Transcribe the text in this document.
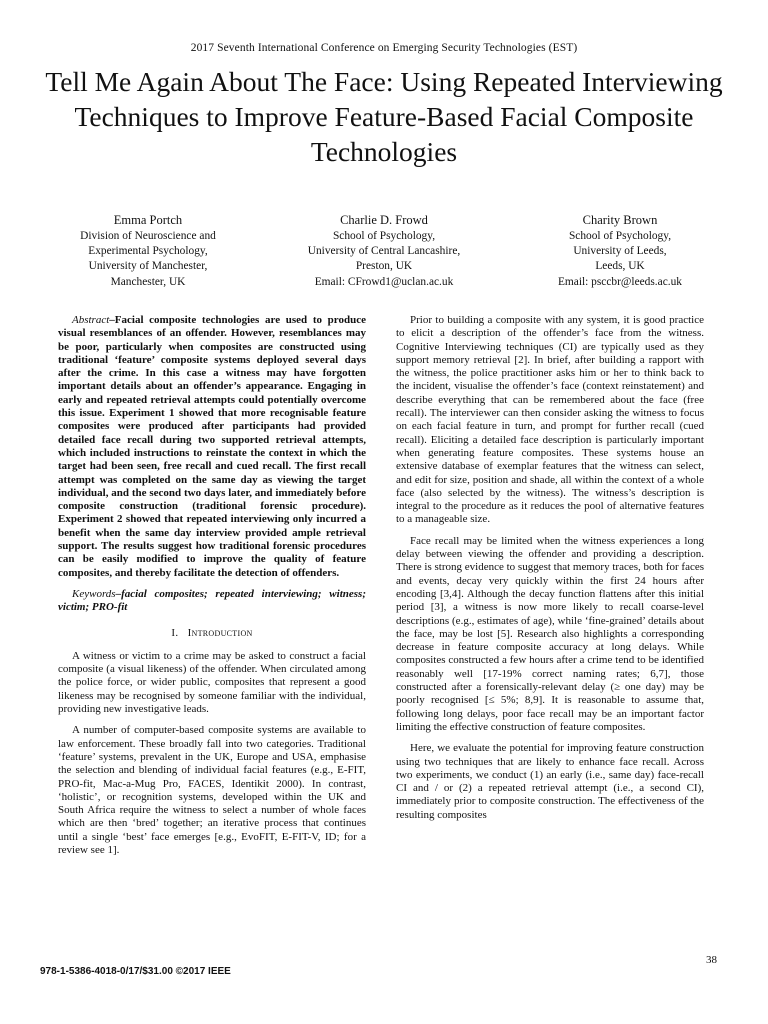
2017 Seventh International Conference on Emerging Security Technologies (EST)
Tell Me Again About The Face: Using Repeated Interviewing Techniques to Improve Feature-Based Facial Composite Technologies
Emma Portch
Division of Neuroscience and
Experimental Psychology,
University of Manchester,
Manchester, UK
Charlie D. Frowd
School of Psychology,
University of Central Lancashire,
Preston, UK
Email: CFrowd1@uclan.ac.uk
Charity Brown
School of Psychology,
University of Leeds,
Leeds, UK
Email: psccbr@leeds.ac.uk

Abstract–Facial composite technologies are used to produce visual resemblances of an offender. However, resemblances may be poor, particularly when composites are constructed using traditional ‘feature’ composite systems deployed several days after the crime. In this case a witness may have forgotten important details about an offender’s appearance. Engaging in early and repeated retrieval attempts could potentially overcome this issue. Experiment 1 showed that more recognisable feature composites were produced after participants had provided detailed face recall during two supported retrieval attempts, which included instructions to reinstate the context in which the target had been seen, free recall and cued recall. The first recall attempt was completed on the same day as viewing the target individual, and the second two days later, and immediately before composite construction (traditional forensic procedure). Experiment 2 showed that repeated interviewing only incurred a benefit when the same day interview provided ample retrieval support. The results suggest how traditional forensic procedures can be easily modified to improve the quality of feature composites, and thereby facilitate the detection of offenders.

Keywords–facial composites; repeated interviewing; witness; victim; PRO-fit

I. Introduction

A witness or victim to a crime may be asked to construct a facial composite (a visual likeness) of the offender. When circulated among the police force, or wider public, composites that represent a good likeness may be recognised by someone familiar with the individual, providing new investigative leads.

A number of computer-based composite systems are available to law enforcement. These broadly fall into two categories. Traditional ‘feature’ systems, prevalent in the UK, Europe and USA, emphasise the selection and blending of individual facial features (e.g., E-FIT, PRO-fit, Mac-a-Mug Pro, FACES, Identikit 2000). In contrast, ‘holistic’, or recognition systems, developed within the UK and South Africa require the witness to select a number of whole faces which are then ‘bred’ together; an iterative process that continues until a single ‘best’ face emerges [e.g., EvoFIT, E-FIT-V, ID; for a review see 1].

Prior to building a composite with any system, it is good practice to elicit a description of the offender’s face from the witness. Cognitive Interviewing techniques (CI) are typically used as they support memory retrieval [2]. In brief, after building a rapport with the witness, the police practitioner asks him or her to think back to the incident, visualise the offender’s face (context reinstatement) and describe everything that can be remembered about the face (free recall). The interviewer can then consider asking the witness to focus on each facial feature in turn, and prompt for further recall (cued recall). Eliciting a detailed face description is particularly important when generating feature composites. These systems house an extensive database of exemplar features that the witness can select, and edit for size, position and shade, all within the context of a whole face (also selected by the witness). The witness’s description is integral to the procedure as it reduces the pool of alternative features to a manageable size.

Face recall may be limited when the witness experiences a long delay between viewing the offender and providing a description. There is strong evidence to suggest that memory traces, both for faces and events, decay very quickly within the first 24 hours after encoding [3,4]. Although the decay function flattens after this initial period [3], a witness is now more likely to recall coarse-level descriptions (e.g., estimates of age), while ‘fine-grained’ details about the face, may be lost [5]. Research also highlights a corresponding decrease in feature composite accuracy at long delays. While composites constructed a few hours after a crime tend to be identified reasonably well [17-19% correct naming rates; 6,7], those constructed after a forensically-relevant delay (≥ one day) may be poorly recognised [≤ 5%; 8,9]. It is reasonable to assume that, following long delays, poor face recall may be an important factor limiting the effective construction of feature composites.

Here, we evaluate the potential for improving feature construction using two techniques that are likely to enhance face recall. Across two experiments, we conduct (1) an early (i.e., same day) face-recall CI and / or (2) a repeated retrieval attempt (i.e., a second CI), immediately prior to composite construction. The effectiveness of the resulting composites

978-1-5386-4018-0/17/$31.00 ©2017 IEEE
38
